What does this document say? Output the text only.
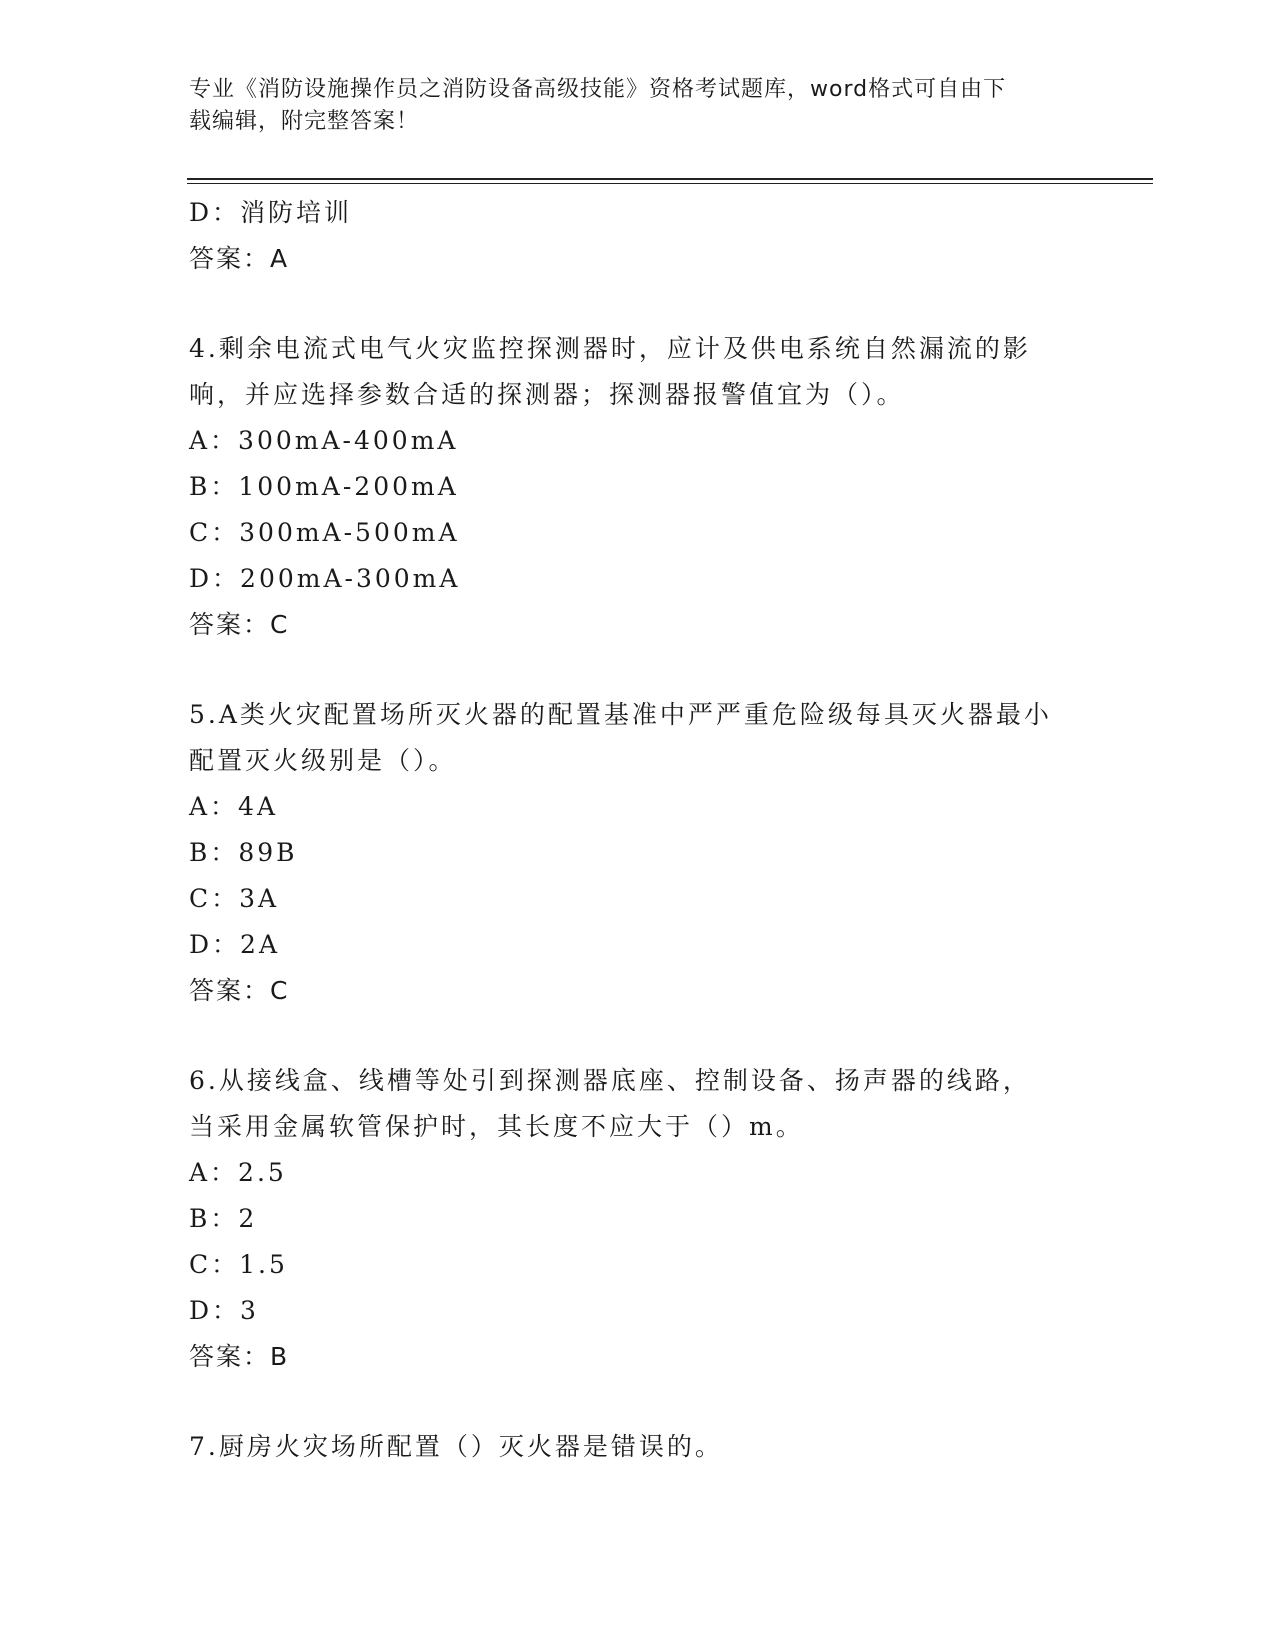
专业《消防设施操作员之消防设备高级技能》资格考试题库，word格式可自由下
载编辑，附完整答案！
D：消防培训
答案：A
4.剩余电流式电气火灾监控探测器时，应计及供电系统自然漏流的影
响，并应选择参数合适的探测器；探测器报警值宜为（）。
A：300mA-400mA
B：100mA-200mA
C：300mA-500mA
D：200mA-300mA
答案：C
5.A类火灾配置场所灭火器的配置基准中严严重危险级每具灭火器最小
配置灭火级别是（）。
A：4A
B：89B
C：3A
D：2A
答案：C
6.从接线盒、线槽等处引到探测器底座、控制设备、扬声器的线路，
当采用金属软管保护时，其长度不应大于（）m。
A：2.5
B：2
C：1.5
D：3
答案：B
7.厨房火灾场所配置（）灭火器是错误的。
